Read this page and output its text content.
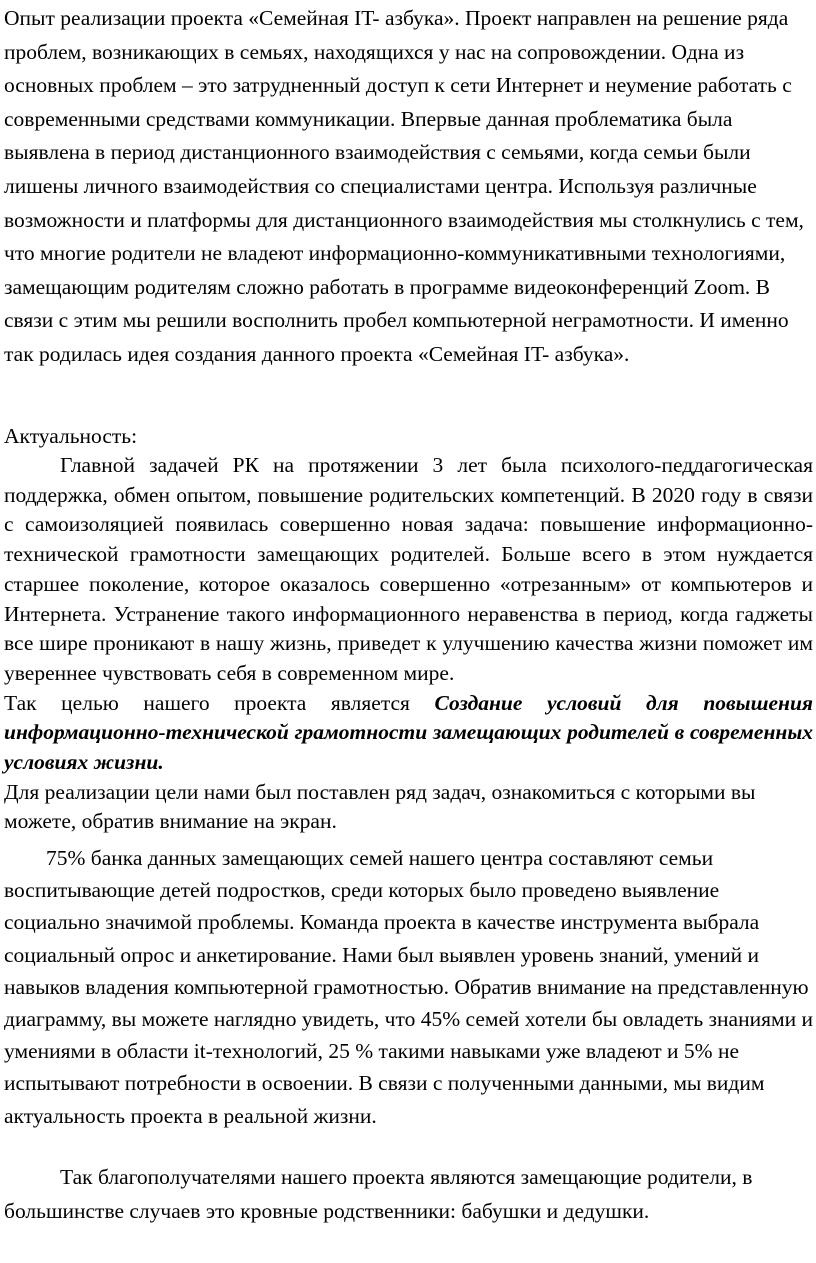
Опыт реализации проекта «Семейная IT- азбука». Проект направлен на решение ряда проблем, возникающих в семьях, находящихся у нас на сопровождении. Одна из основных проблем – это затрудненный доступ к сети Интернет и неумение работать с современными средствами коммуникации. Впервые данная проблематика была выявлена в период дистанционного взаимодействия с семьями, когда семьи были лишены личного взаимодействия со специалистами центра. Используя различные возможности и платформы для дистанционного взаимодействия мы столкнулись с тем, что многие родители не владеют информационно-коммуникативными технологиями, замещающим родителям сложно работать в программе видеоконференций Zoom. В связи с этим мы решили восполнить пробел компьютерной неграмотности. И именно так родилась идея создания данного проекта «Семейная IT- азбука».

Актуальность:

Главной задачей РК на протяжении 3 лет была психолого-педдагогическая поддержка, обмен опытом, повышение родительских компетенций. В 2020 году в связи с самоизоляцией появилась совершенно новая задача: повышение информационно-технической грамотности замещающих родителей. Больше всего в этом нуждается старшее поколение, которое оказалось совершенно «отрезанным» от компьютеров и Интернета. Устранение такого информационного неравенства в период, когда гаджеты все шире проникают в нашу жизнь, приведет к улучшению качества жизни поможет им увереннее чувствовать себя в современном мире.

Так целью нашего проекта является Создание условий для повышения информационно-технической грамотности замещающих родителей в современных условиях жизни.

Для реализации цели нами был поставлен ряд задач, ознакомиться с которыми вы можете, обратив внимание на экран.

75% банка данных замещающих семей нашего центра составляют семьи воспитывающие детей подростков, среди которых было проведено выявление социально значимой проблемы. Команда проекта в качестве инструмента выбрала социальный опрос и анкетирование. Нами был выявлен уровень знаний, умений и навыков владения компьютерной грамотностью. Обратив внимание на представленную диаграмму, вы можете наглядно увидеть, что 45% семей хотели бы овладеть знаниями и умениями в области it-технологий, 25 % такими навыками уже владеют и 5% не испытывают потребности в освоении. В связи с полученными данными, мы видим актуальность проекта в реальной жизни.

Так благополучателями нашего проекта являются замещающие родители, в большинстве случаев это кровные родственники: бабушки и дедушки.
